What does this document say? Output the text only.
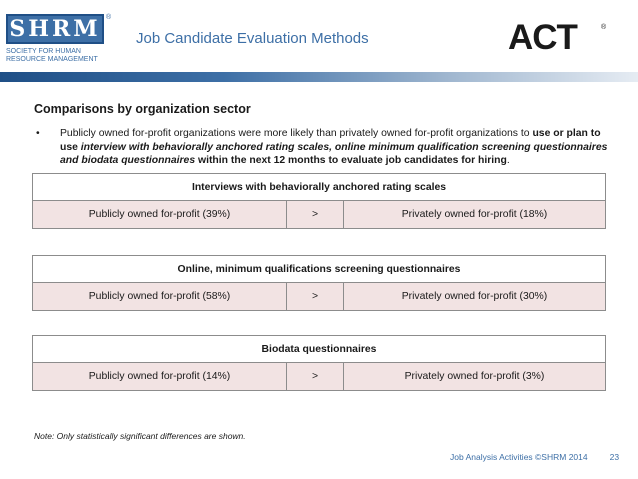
SHRM ®
SOCIETY FOR HUMAN RESOURCE MANAGEMENT
Job Candidate Evaluation Methods	ACT	®
Comparisons by organization sector
• Publicly owned for-profit organizations were more likely than privately owned for-profit organizations to use or plan to use interview with behaviorally anchored rating scales, online minimum qualification screening questionnaires and biodata questionnaires within the next 12 months to evaluate job candidates for hiring.
Interviews with behaviorally anchored rating scales
Publicly owned for-profit (39%)	>	Privately owned for-profit (18%)
Online, minimum qualifications screening questionnaires
Publicly owned for-profit (58%)	>	Privately owned for-profit (30%)
Biodata questionnaires
Publicly owned for-profit (14%)	>	Privately owned for-profit (3%)
Note: Only statistically significant differences are shown.
Job Analysis Activities ©SHRM 2014	23
